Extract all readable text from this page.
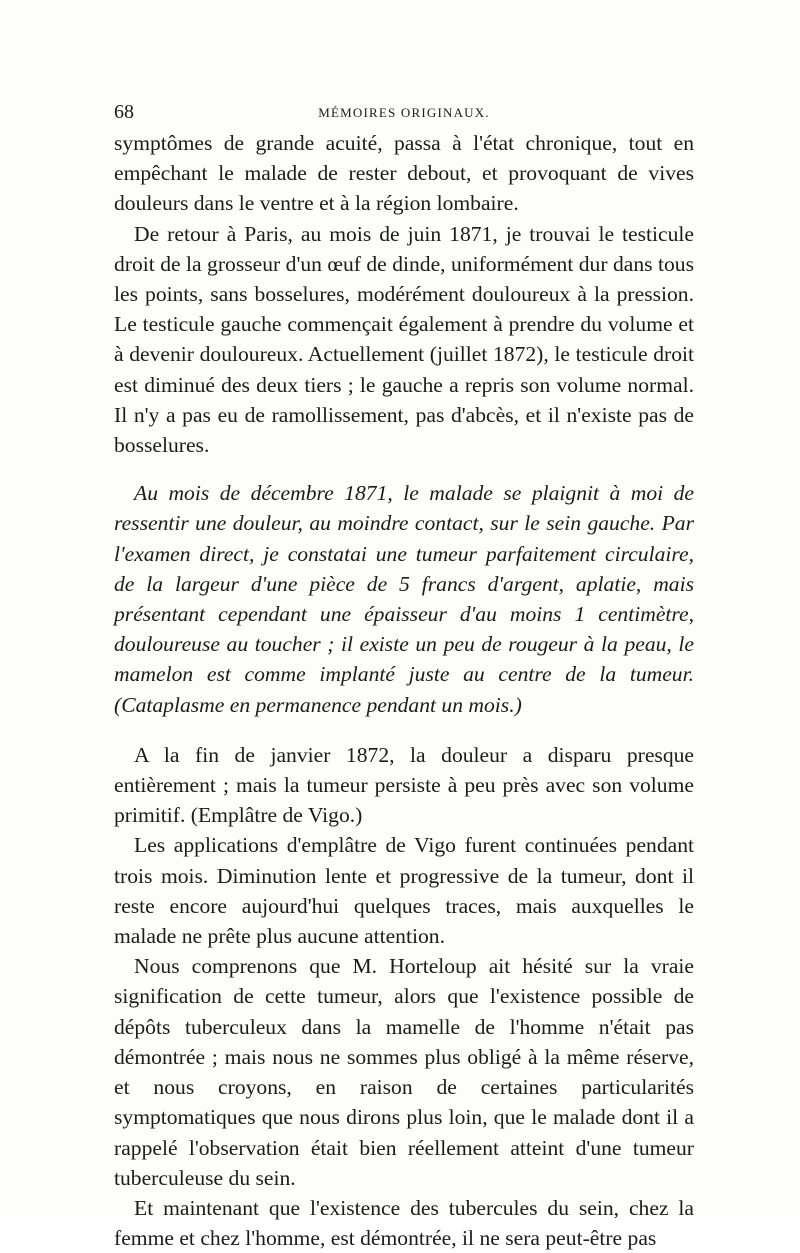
68	MÉMOIRES ORIGINAUX.

symptômes de grande acuité, passa à l'état chronique, tout en empêchant le malade de rester debout, et provoquant de vives douleurs dans le ventre et à la région lombaire.

De retour à Paris, au mois de juin 1871, je trouvai le testicule droit de la grosseur d'un œuf de dinde, uniformément dur dans tous les points, sans bosselures, modérément douloureux à la pression. Le testicule gauche commençait également à prendre du volume et à devenir douloureux. Actuellement (juillet 1872), le testicule droit est diminué des deux tiers ; le gauche a repris son volume normal. Il n'y a pas eu de ramollissement, pas d'abcès, et il n'existe pas de bosselures.

Au mois de décembre 1871, le malade se plaignit à moi de ressentir une douleur, au moindre contact, sur le sein gauche. Par l'examen direct, je constatai une tumeur parfaitement circulaire, de la largeur d'une pièce de 5 francs d'argent, aplatie, mais présentant cependant une épaisseur d'au moins 1 centimètre, douloureuse au toucher ; il existe un peu de rougeur à la peau, le mamelon est comme implanté juste au centre de la tumeur. (Cataplasme en permanence pendant un mois.)

A la fin de janvier 1872, la douleur a disparu presque entièrement ; mais la tumeur persiste à peu près avec son volume primitif. (Emplâtre de Vigo.)

Les applications d'emplâtre de Vigo furent continuées pendant trois mois. Diminution lente et progressive de la tumeur, dont il reste encore aujourd'hui quelques traces, mais auxquelles le malade ne prête plus aucune attention.

Nous comprenons que M. Horteloup ait hésité sur la vraie signification de cette tumeur, alors que l'existence possible de dépôts tuberculeux dans la mamelle de l'homme n'était pas démontrée ; mais nous ne sommes plus obligé à la même réserve, et nous croyons, en raison de certaines particularités symptomatiques que nous dirons plus loin, que le malade dont il a rappelé l'observation était bien réellement atteint d'une tumeur tuberculeuse du sein.

Et maintenant que l'existence des tubercules du sein, chez la femme et chez l'homme, est démontrée, il ne sera peut-être pas
